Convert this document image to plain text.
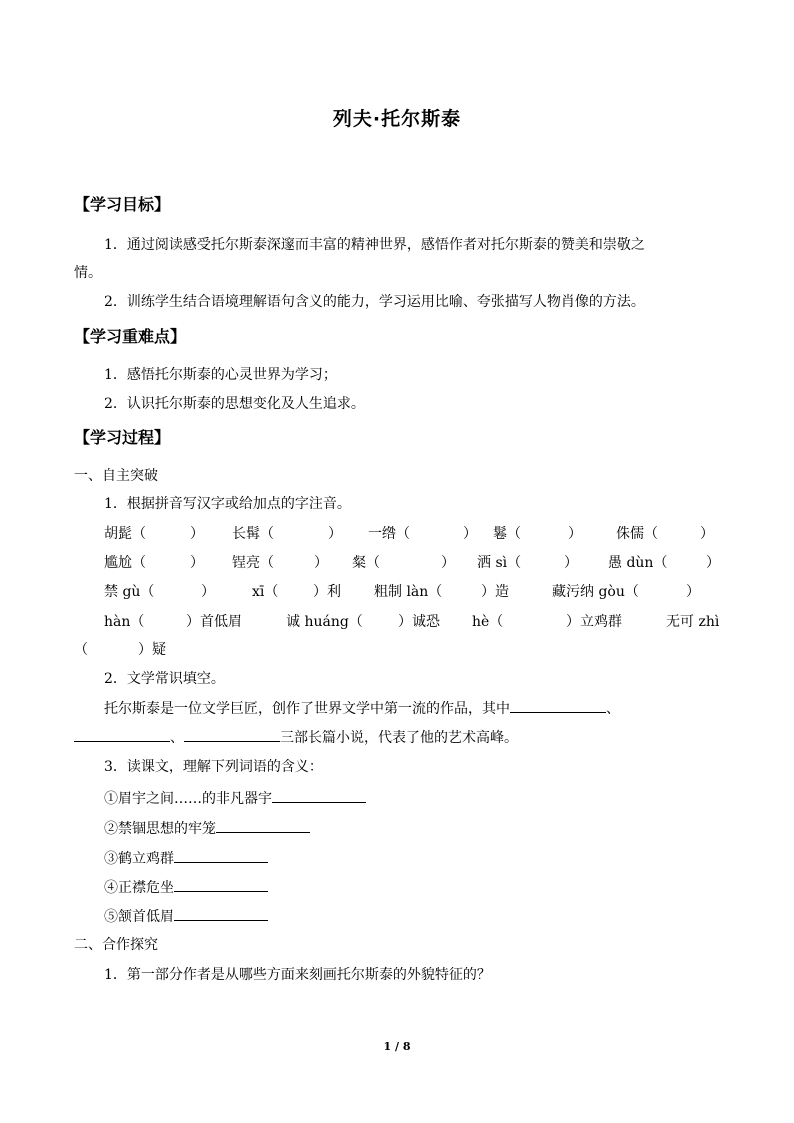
列夫·托尔斯泰
【学习目标】
1．通过阅读感受托尔斯泰深邃而丰富的精神世界，感悟作者对托尔斯泰的赞美和崇敬之
情。
2．训练学生结合语境理解语句含义的能力，学习运用比喻、夸张描写人物肖像的方法。
【学习重难点】
1．感悟托尔斯泰的心灵世界为学习；
2．认识托尔斯泰的思想变化及人生追求。
【学习过程】
一、自主突破
1．根据拼音写汉字或给加点的字注音。
胡髭（	） 长髯（	） 一绺（	） 鬈（	） 侏儒（	）
尴尬（	） 锃亮（	） 粲（	） 洒 sì（	） 愚 dùn（	）
禁 gù（	）	xī（ ）利 粗制 làn（	）造	藏污纳 gòu（	）
hàn（	）首低眉	诚 huáng（	）诚恐 hè（	）立鸡群	无可 zhì
（	）疑
2．文学常识填空。
托尔斯泰是一位文学巨匠，创作了世界文学中第一流的作品，其中	、
、	三部长篇小说，代表了他的艺术高峰。
3．读课文，理解下列词语的含义：
①眉宇之间……的非凡器宇
②禁锢思想的牢笼
③鹤立鸡群
④正襟危坐
⑤颔首低眉
二、合作探究
1．第一部分作者是从哪些方面来刻画托尔斯泰的外貌特征的？
1 / 8
